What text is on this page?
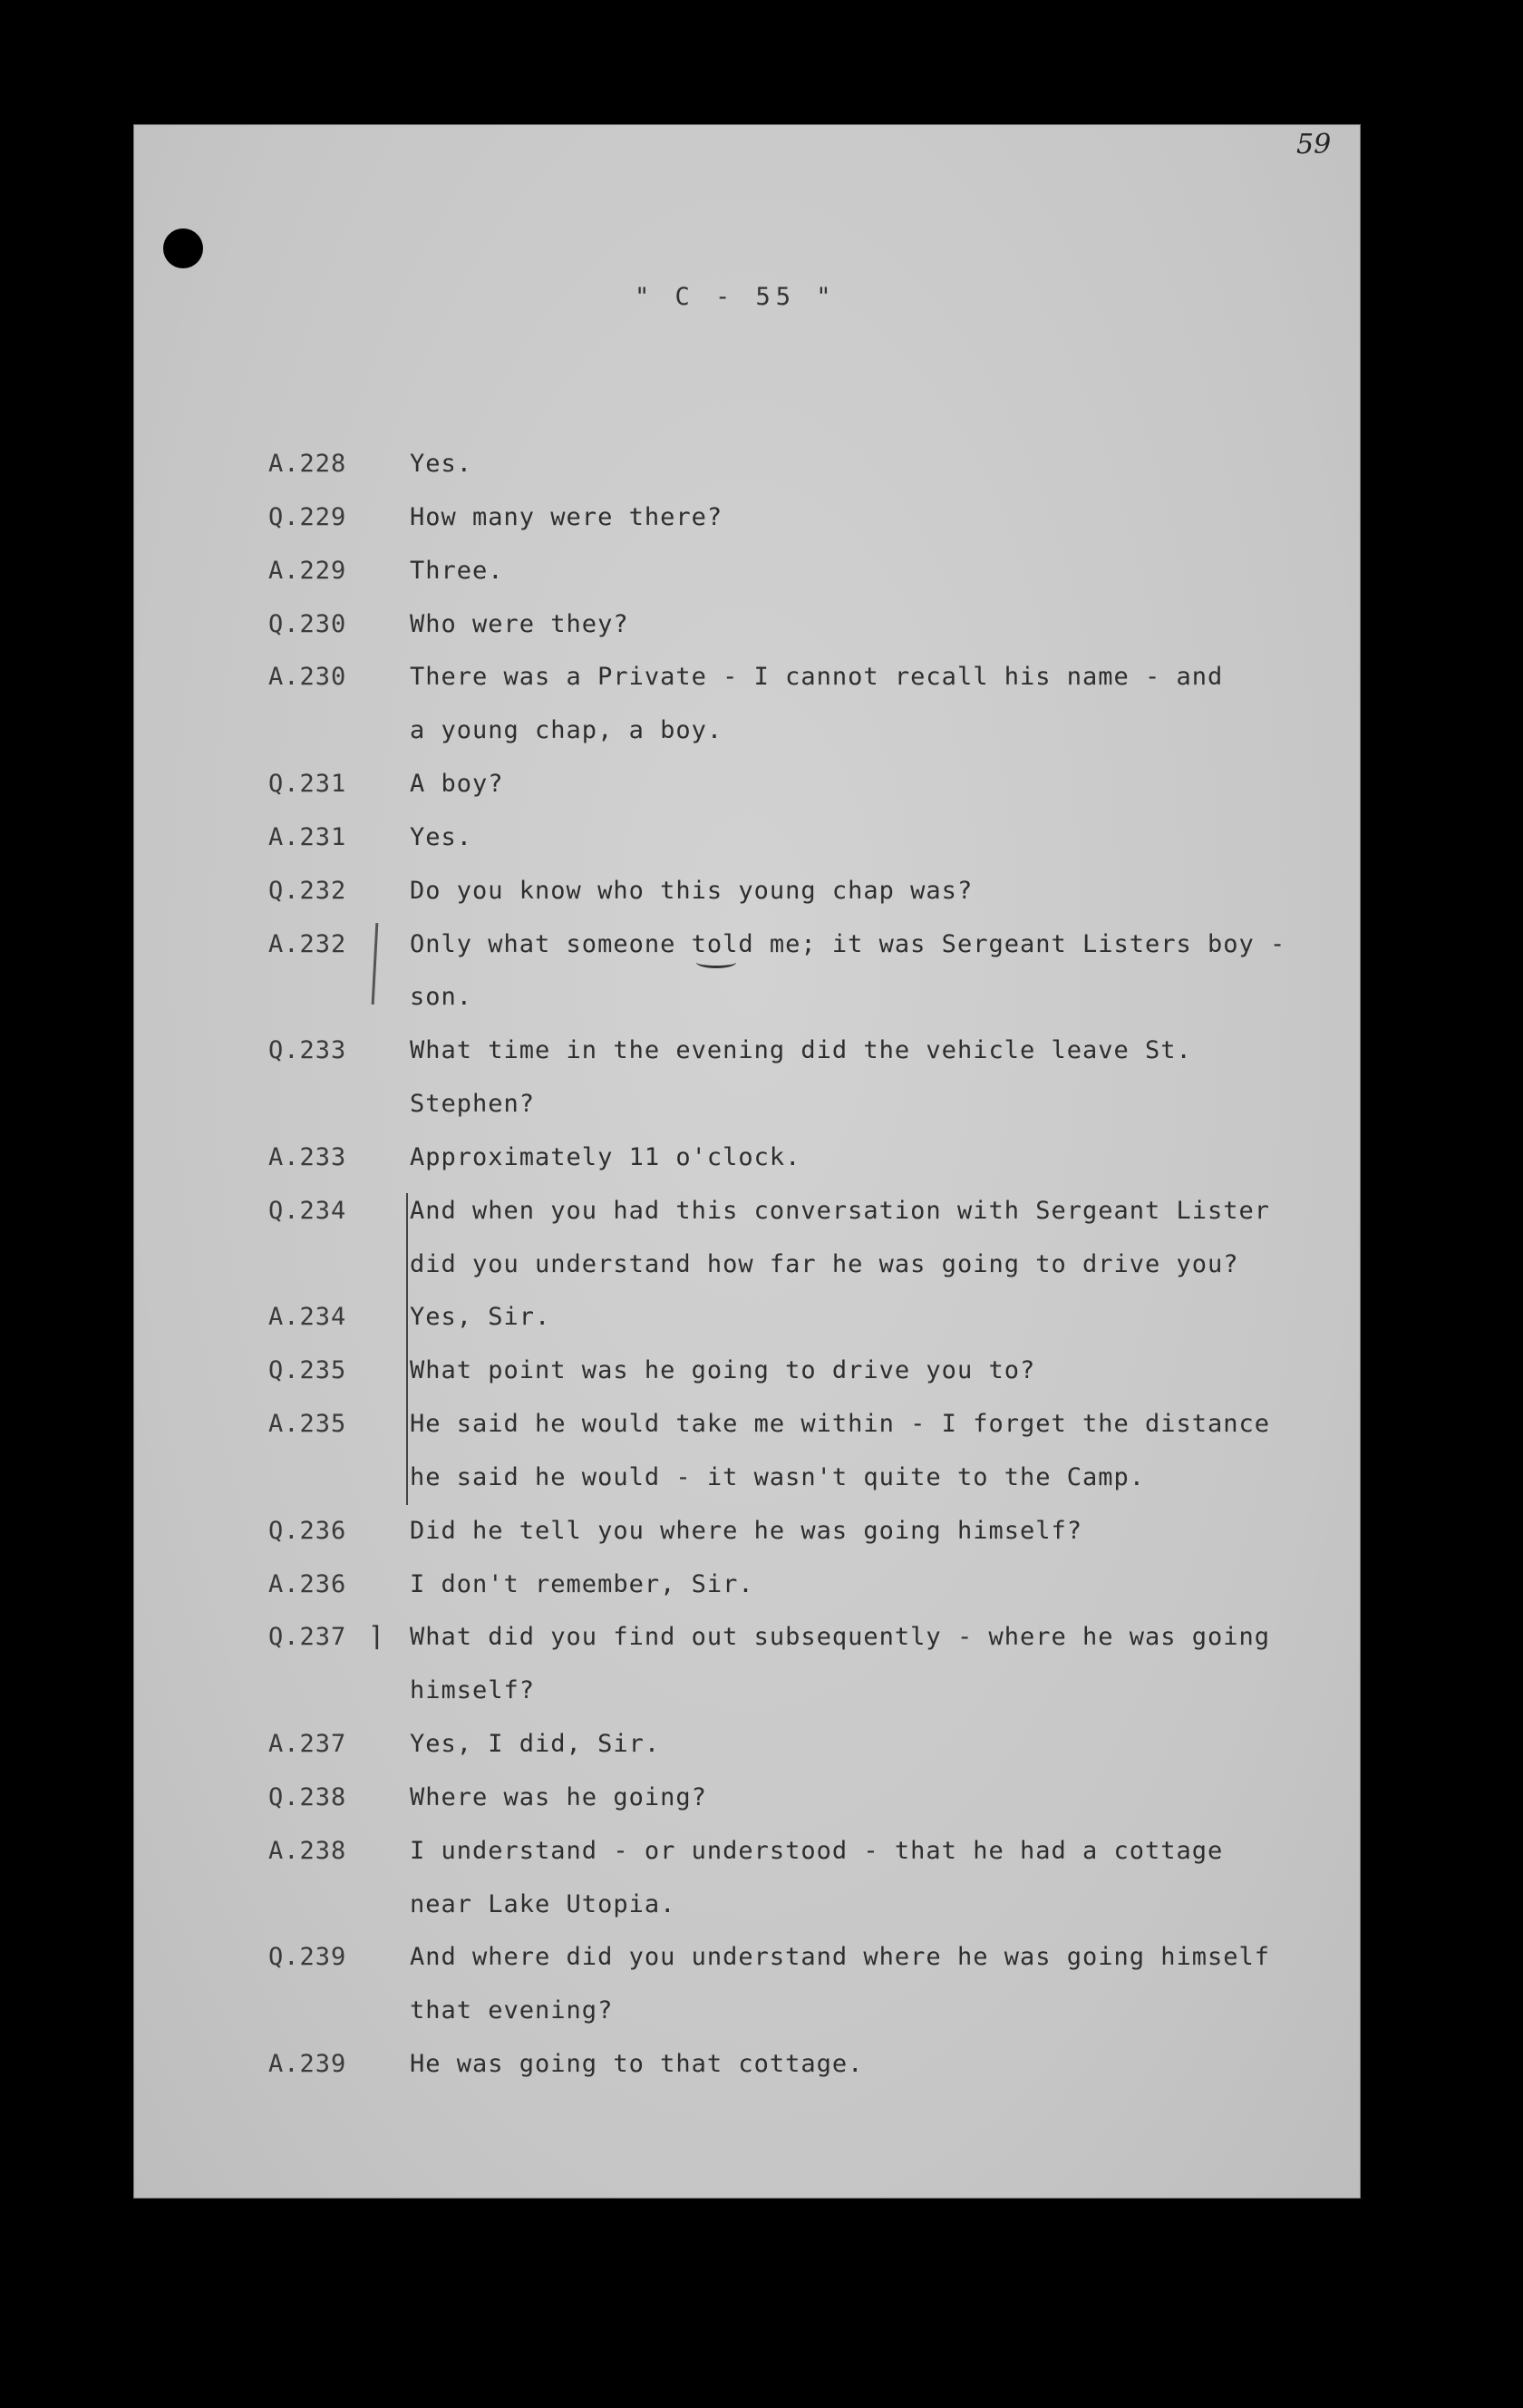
59
" C - 55 "
A.228	Yes.
Q.229	How many were there?
A.229	Three.
Q.230	Who were they?
A.230	There was a Private - I cannot recall his name - and
a young chap, a boy.
Q.231	A boy?
A.231	Yes.
Q.232	Do you know who this young chap was?
A.232	Only what someone told me; it was Sergeant Listers boy -
son.
Q.233	What time in the evening did the vehicle leave St.
Stephen?
A.233	Approximately 11 o'clock.
Q.234	And when you had this conversation with Sergeant Lister
did you understand how far he was going to drive you?
A.234	Yes, Sir.
Q.235	What point was he going to drive you to?
A.235	He said he would take me within - I forget the distance
he said he would - it wasn't quite to the Camp.
Q.236	Did he tell you where he was going himself?
A.236	I don't remember, Sir.
Q.237	What did you find out subsequently - where he was going
himself?
A.237	Yes, I did, Sir.
Q.238	Where was he going?
A.238	I understand - or understood - that he had a cottage
near Lake Utopia.
Q.239	And where did you understand where he was going himself
that evening?
A.239	He was going to that cottage.
⌉
